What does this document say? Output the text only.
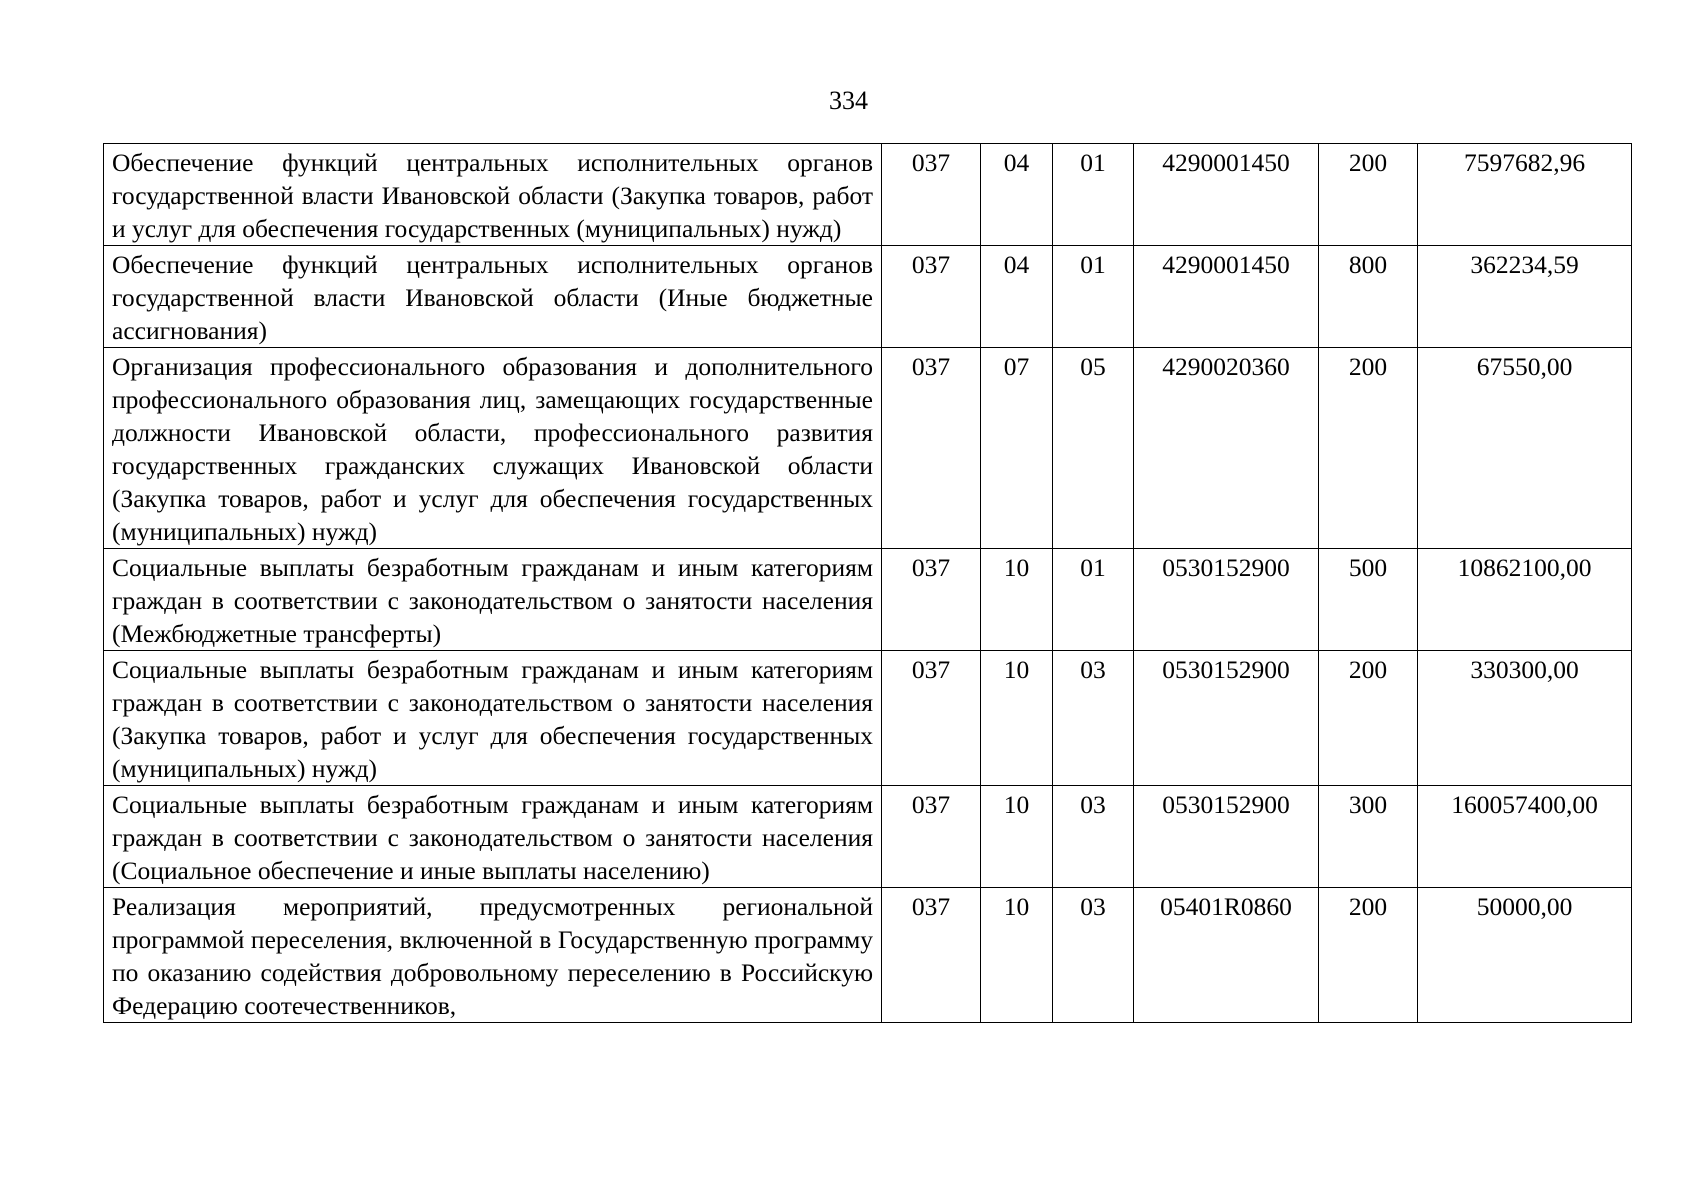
334
Обеспечение функций центральных исполнительных органов государственной власти Ивановской области (Закупка товаров, работ и услуг для обеспечения государственных (муниципальных) нужд)	037	04	01	4290001450	200	7597682,96
Обеспечение функций центральных исполнительных органов государственной власти Ивановской области (Иные бюджетные ассигнования)	037	04	01	4290001450	800	362234,59
Организация профессионального образования и дополнительного профессионального образования лиц, замещающих государственные должности Ивановской области, профессионального развития государственных гражданских служащих Ивановской области (Закупка товаров, работ и услуг для обеспечения государственных (муниципальных) нужд)	037	07	05	4290020360	200	67550,00
Социальные выплаты безработным гражданам и иным категориям граждан в соответствии с законодательством о занятости населения (Межбюджетные трансферты)	037	10	01	0530152900	500	10862100,00
Социальные выплаты безработным гражданам и иным категориям граждан в соответствии с законодательством о занятости населения (Закупка товаров, работ и услуг для обеспечения государственных (муниципальных) нужд)	037	10	03	0530152900	200	330300,00
Социальные выплаты безработным гражданам и иным категориям граждан в соответствии с законодательством о занятости населения (Социальное обеспечение и иные выплаты населению)	037	10	03	0530152900	300	160057400,00
Реализация мероприятий, предусмотренных региональной программой переселения, включенной в Государственную программу по оказанию содействия добровольному переселению в Российскую Федерацию соотечественников,	037	10	03	05401R0860	200	50000,00
